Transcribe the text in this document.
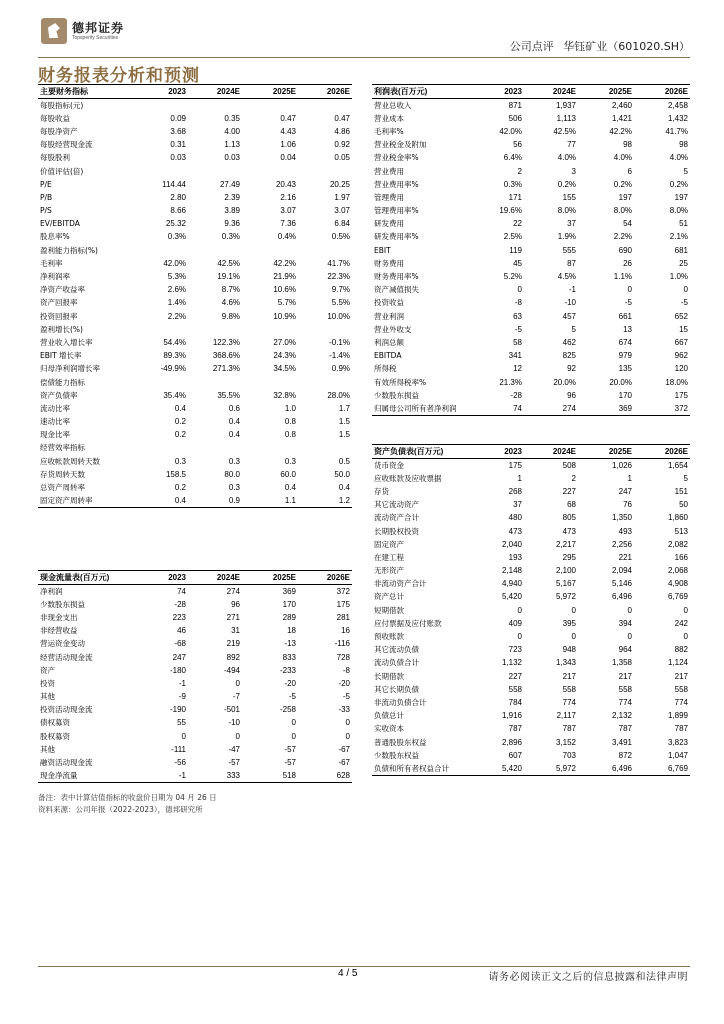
德邦证券
Topsperity Securities
公司点评 华钰矿业（601020.SH）
财务报表分析和预测
主要财务指标	2023	2024E	2025E	2026E
每股指标(元)				
每股收益	0.09	0.35	0.47	0.47
每股净资产	3.68	4.00	4.43	4.86
每股经营现金流	0.31	1.13	1.06	0.92
每股股利	0.03	0.03	0.04	0.05
价值评估(倍)				
P/E	114.44	27.49	20.43	20.25
P/B	2.80	2.39	2.16	1.97
P/S	8.66	3.89	3.07	3.07
EV/EBITDA	25.32	9.36	7.36	6.84
股息率%	0.3%	0.3%	0.4%	0.5%
盈利能力指标(%)				
毛利率	42.0%	42.5%	42.2%	41.7%
净利润率	5.3%	19.1%	21.9%	22.3%
净资产收益率	2.6%	8.7%	10.6%	9.7%
资产回报率	1.4%	4.6%	5.7%	5.5%
投资回报率	2.2%	9.8%	10.9%	10.0%
盈利增长(%)				
营业收入增长率	54.4%	122.3%	27.0%	-0.1%
EBIT 增长率	89.3%	368.6%	24.3%	-1.4%
归母净利润增长率	-49.9%	271.3%	34.5%	0.9%
偿债能力指标				
资产负债率	35.4%	35.5%	32.8%	28.0%
流动比率	0.4	0.6	1.0	1.7
速动比率	0.2	0.4	0.8	1.5
现金比率	0.2	0.4	0.8	1.5
经营效率指标				
应收帐款周转天数	0.3	0.3	0.3	0.5
存货周转天数	158.5	80.0	60.0	50.0
总资产周转率	0.2	0.3	0.4	0.4
固定资产周转率	0.4	0.9	1.1	1.2
利润表(百万元)	2023	2024E	2025E	2026E
营业总收入	871	1,937	2,460	2,458
营业成本	506	1,113	1,421	1,432
毛利率%	42.0%	42.5%	42.2%	41.7%
营业税金及附加	56	77	98	98
营业税金率%	6.4%	4.0%	4.0%	4.0%
营业费用	2	3	6	5
营业费用率%	0.3%	0.2%	0.2%	0.2%
管理费用	171	155	197	197
管理费用率%	19.6%	8.0%	8.0%	8.0%
研发费用	22	37	54	51
研发费用率%	2.5%	1.9%	2.2%	2.1%
EBIT	119	555	690	681
财务费用	45	87	26	25
财务费用率%	5.2%	4.5%	1.1%	1.0%
资产减值损失	0	-1	0	0
投资收益	-8	-10	-5	-5
营业利润	63	457	661	652
营业外收支	-5	5	13	15
利润总额	58	462	674	667
EBITDA	341	825	979	962
所得税	12	92	135	120
有效所得税率%	21.3%	20.0%	20.0%	18.0%
少数股东损益	-28	96	170	175
归属母公司所有者净利润	74	274	369	372
资产负债表(百万元)	2023	2024E	2025E	2026E
货币资金	175	508	1,026	1,654
应收账款及应收票据	1	2	1	5
存货	268	227	247	151
其它流动资产	37	68	76	50
流动资产合计	480	805	1,350	1,860
长期股权投资	473	473	493	513
固定资产	2,040	2,217	2,256	2,082
在建工程	193	295	221	166
无形资产	2,148	2,100	2,094	2,068
非流动资产合计	4,940	5,167	5,146	4,908
资产总计	5,420	5,972	6,496	6,769
短期借款	0	0	0	0
应付票据及应付账款	409	395	394	242
预收账款	0	0	0	0
其它流动负债	723	948	964	882
流动负债合计	1,132	1,343	1,358	1,124
长期借款	227	217	217	217
其它长期负债	558	558	558	558
非流动负债合计	784	774	774	774
负债总计	1,916	2,117	2,132	1,899
实收资本	787	787	787	787
普通股股东权益	2,896	3,152	3,491	3,823
少数股东权益	607	703	872	1,047
负债和所有者权益合计	5,420	5,972	6,496	6,769
现金流量表(百万元)	2023	2024E	2025E	2026E
净利润	74	274	369	372
少数股东损益	-28	96	170	175
非现金支出	223	271	289	281
非经营收益	46	31	18	16
营运资金变动	-68	219	-13	-116
经营活动现金流	247	892	833	728
资产	-180	-494	-233	-8
投资	-1	0	-20	-20
其他	-9	-7	-5	-5
投资活动现金流	-190	-501	-258	-33
债权募资	55	-10	0	0
股权募资	0	0	0	0
其他	-111	-47	-57	-67
融资活动现金流	-56	-57	-57	-67
现金净流量	-1	333	518	628
备注：表中计算估值指标的收盘价日期为 04 月 26 日
资料来源：公司年报（2022-2023），德邦研究所
4 / 5	请务必阅读正文之后的信息披露和法律声明
